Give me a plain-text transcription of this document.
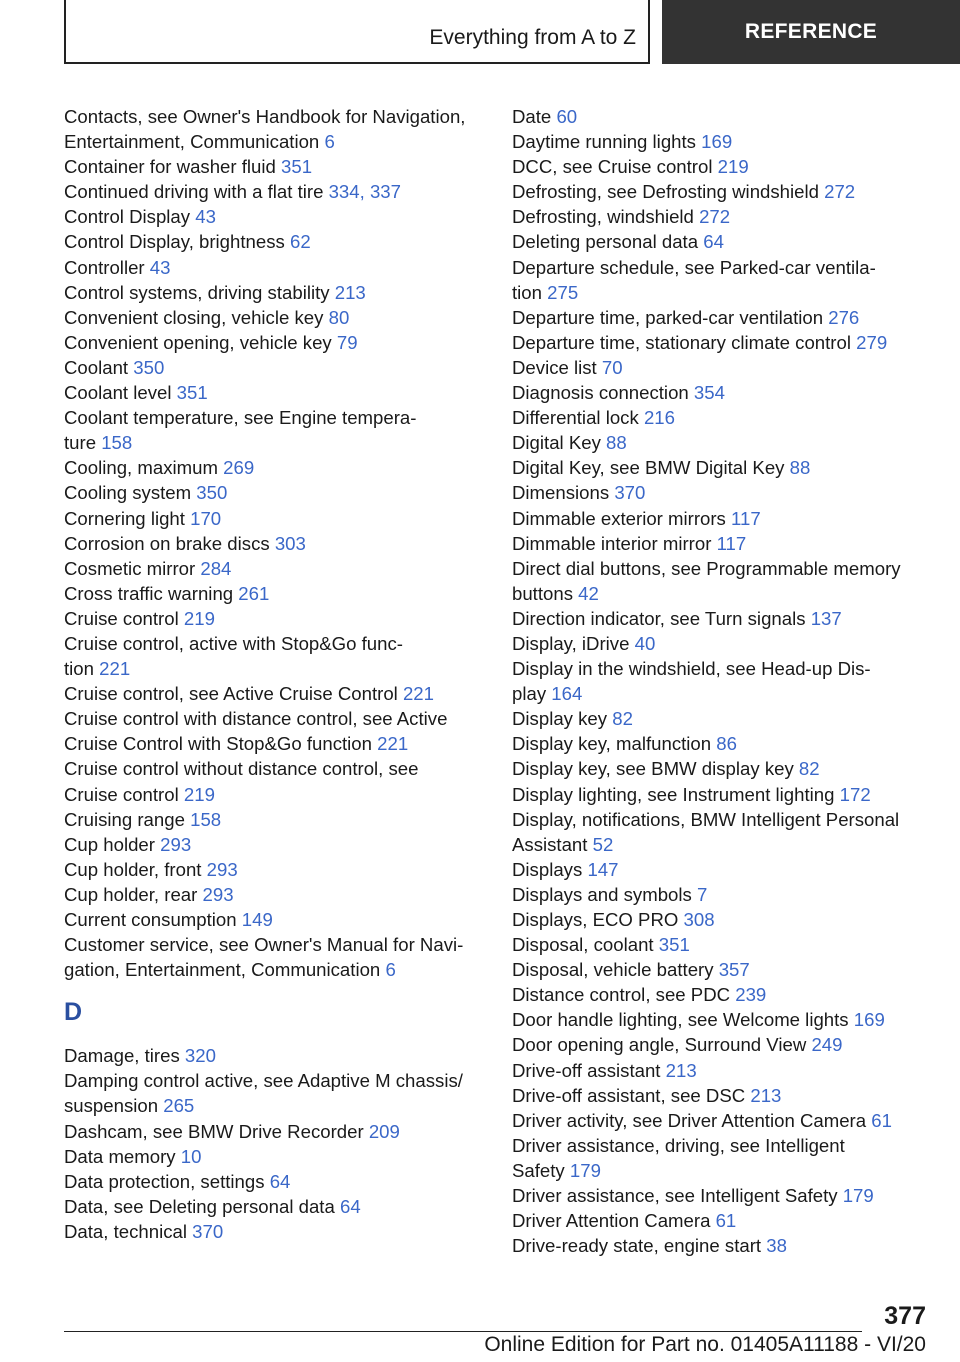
Everything from A to Z	REFERENCE
Contacts, see Owner's Handbook for Navigation,
Entertainment, Communication 6
Container for washer fluid 351
Continued driving with a flat tire 334, 337
Control Display 43
Control Display, brightness 62
Controller 43
Control systems, driving stability 213
Convenient closing, vehicle key 80
Convenient opening, vehicle key 79
Coolant 350
Coolant level 351
Coolant temperature, see Engine tempera-
ture 158
Cooling, maximum 269
Cooling system 350
Cornering light 170
Corrosion on brake discs 303
Cosmetic mirror 284
Cross traffic warning 261
Cruise control 219
Cruise control, active with Stop&Go func-
tion 221
Cruise control, see Active Cruise Control 221
Cruise control with distance control, see Active
Cruise Control with Stop&Go function 221
Cruise control without distance control, see
Cruise control 219
Cruising range 158
Cup holder 293
Cup holder, front 293
Cup holder, rear 293
Current consumption 149
Customer service, see Owner's Manual for Navi-
gation, Entertainment, Communication 6
D
Damage, tires 320
Damping control active, see Adaptive M chassis/
suspension 265
Dashcam, see BMW Drive Recorder 209
Data memory 10
Data protection, settings 64
Data, see Deleting personal data 64
Data, technical 370
Date 60
Daytime running lights 169
DCC, see Cruise control 219
Defrosting, see Defrosting windshield 272
Defrosting, windshield 272
Deleting personal data 64
Departure schedule, see Parked-car ventila-
tion 275
Departure time, parked-car ventilation 276
Departure time, stationary climate control 279
Device list 70
Diagnosis connection 354
Differential lock 216
Digital Key 88
Digital Key, see BMW Digital Key 88
Dimensions 370
Dimmable exterior mirrors 117
Dimmable interior mirror 117
Direct dial buttons, see Programmable memory
buttons 42
Direction indicator, see Turn signals 137
Display, iDrive 40
Display in the windshield, see Head-up Dis-
play 164
Display key 82
Display key, malfunction 86
Display key, see BMW display key 82
Display lighting, see Instrument lighting 172
Display, notifications, BMW Intelligent Personal
Assistant 52
Displays 147
Displays and symbols 7
Displays, ECO PRO 308
Disposal, coolant 351
Disposal, vehicle battery 357
Distance control, see PDC 239
Door handle lighting, see Welcome lights 169
Door opening angle, Surround View 249
Drive-off assistant 213
Drive-off assistant, see DSC 213
Driver activity, see Driver Attention Camera 61
Driver assistance, driving, see Intelligent
Safety 179
Driver assistance, see Intelligent Safety 179
Driver Attention Camera 61
Drive-ready state, engine start 38
377
Online Edition for Part no. 01405A11188 - VI/20
